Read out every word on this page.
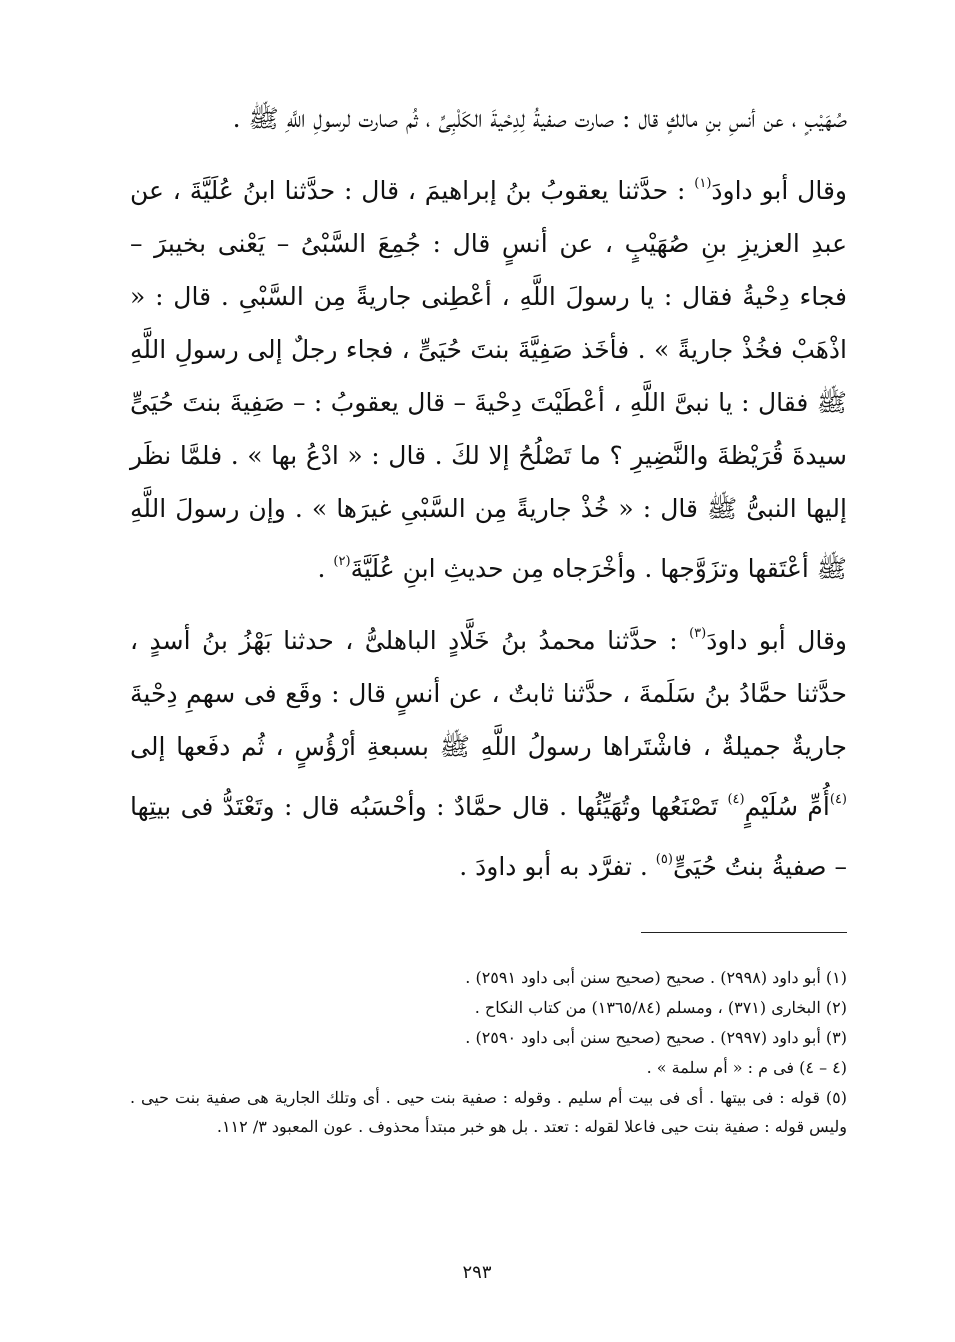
صُهَيْبٍ ، عن أنسِ بنِ مالكٍ قال : صارت صفيةُ لِدِحْيةَ الكَلْبِىِّ ، ثُم صارت لرسولِ اللَّهِ ﷺ .

وقال أبو داودَ$^{(١)}$ : حدَّثنا يعقوبُ بنُ إبراهيمَ ، قال : حدَّثنا ابنُ عُلَيَّةَ ، عن عبدِ العزيزِ بنِ صُهَيْبٍ ، عن أنسٍ قال : جُمِعَ السَّبْىُ – يَعْنى بخيبرَ – فجاء دِحْيةُ فقال : يا رسولَ اللَّهِ ، أعْطِنى جاريةً مِن السَّبْىِ . قال : « اذْهَبْ فخُذْ جاريةً » . فأخَذ صَفِيَّةَ بنتَ حُيَىٍّ ، فجاء رجلٌ إلى رسولِ اللَّهِ ﷺ فقال : يا نبىَّ اللَّهِ ، أعْطَيْتَ دِحْيةَ – قال يعقوبُ : – صَفِيةَ بنتَ حُيَىٍّ سيدةَ قُرَيْظةَ والنَّضِيرِ ؟ ما تَصْلُحُ إلا لكَ . قال : « ادْعُ بها » . فلمَّا نظَر إليها النبىُّ ﷺ قال : « خُذْ جاريةً مِن السَّبْىِ غيرَها » . وإن رسولَ اللَّهِ ﷺ أعْتَقها وتزَوَّجها . وأخْرَجاه مِن حديثِ ابنِ عُلَيَّةَ$^{(٢)}$ .

وقال أبو داودَ$^{(٣)}$ : حدَّثنا محمدُ بنُ خَلَّادٍ الباهلىُّ ، حدثنا بَهْزُ بنُ أسدٍ ، حدَّثنا حمَّادُ بنُ سَلَمةَ ، حدَّثنا ثابتٌ ، عن أنسٍ قال : وقَع فى سهمِ دِحْيةَ جاريةٌ جميلةٌ ، فاشْتَراها رسولُ اللَّهِ ﷺ بسبعةِ أرْؤُسٍ ، ثُم دفَعها إلى $^{(٤)}$أُمِّ سُلَيْمٍ$^{(٤)}$ تَصْنَعُها وتُهَيِّئُها . قال حمَّادٌ : وأحْسَبُه قال : وتَعْتَدُّ فى بيتِها – صفيةُ بنتُ حُيَىٍّ$^{(٥)}$ . تفرَّد به أبو داودَ .

(١) أبو داود (٢٩٩٨) . صحيح (صحيح سنن أبى داود ٢٥٩١) .

(٢) البخارى (٣٧١) ، ومسلم (١٣٦٥/٨٤) من كتاب النكاح .

(٣) أبو داود (٢٩٩٧) . صحيح (صحيح سنن أبى داود ٢٥٩٠) .

(٤ – ٤) فى م : « أم سلمة » .

(٥) قوله : فى بيتها . أى فى بيت أم سليم . وقوله : صفية بنت حيى . أى وتلك الجارية هى صفية بنت حيى . وليس قوله : صفية بنت حيى فاعلا لقوله : تعتد . بل هو خبر مبتدأ محذوف . عون المعبود ٣/ ١١٢.

٢٩٣
